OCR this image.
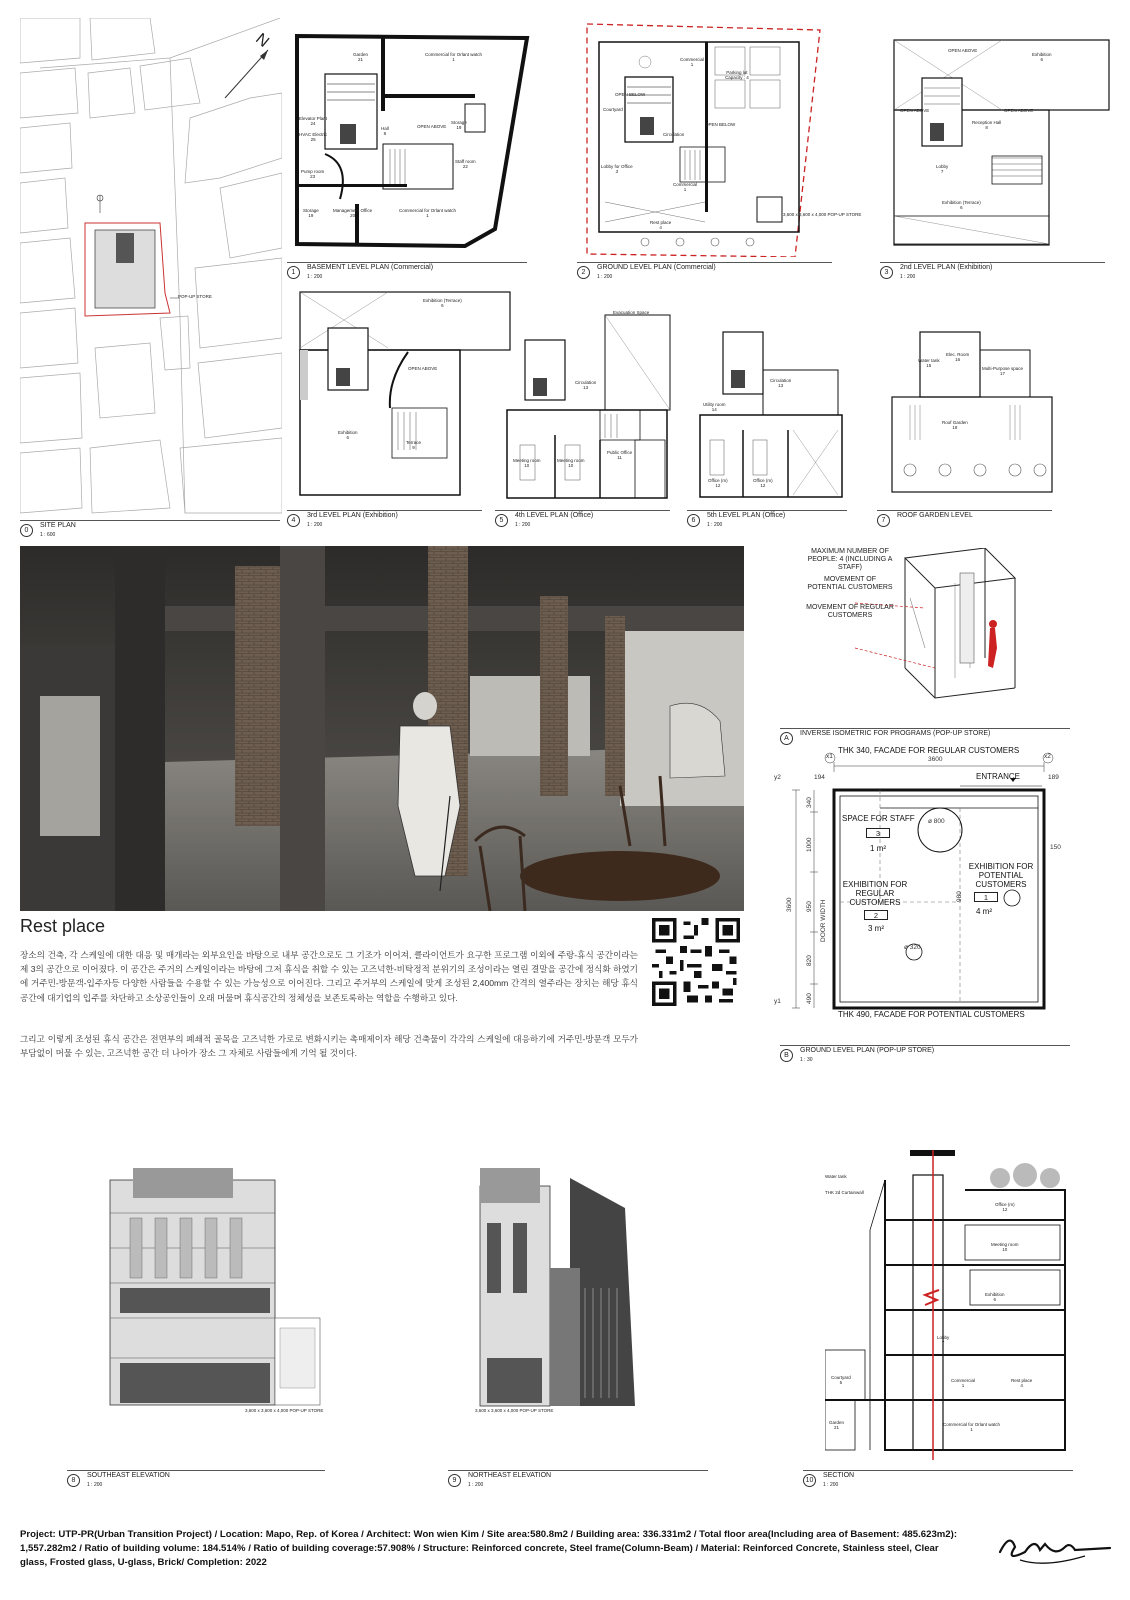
POP-UP STORE
N
0
SITE PLAN
1 : 600
Garden
21
Commercial for Orlant watch
1
Elevator Plant
24
HVAC Electric
25
Hall
8
OPEN ABOVE
Storage
19
Staff room
22
Pump room
23
Storage
19
Management Office
20
Commercial for Orlant watch
1
1
BASEMENT LEVEL PLAN (Commercial)
1 : 200
Commercial
1
Parking lot
Capacity : 4
Courtyard
OPEN BELOW
Circulation
OPEN BELOW
Lobby for Office
3
Commercial
1
Rest place
4
3,600 x 3,600 x 4,000 POP-UP STORE
2
GROUND LEVEL PLAN (Commercial)
1 : 200
OPEN ABOVE
Exhibition
6
OPEN ABOVE	OPEN ABOVE
Reception Hall
8
Lobby
7
Exhibition (Terrace)
6
3
2nd LEVEL PLAN (Exhibition)
1 : 200
Exhibition (Terrace)
6
OPEN ABOVE
Exhibition
6
Terrace
9
4
3rd LEVEL PLAN (Exhibition)
1 : 200
Evacuation Space
Circulation
13
Meeting room
10
Meeting room
10
Public Office
11
5
4th LEVEL PLAN (Office)
1 : 200
Circulation
13
Utility room
14
Office (m)
12
Office (m)
12
6
5th LEVEL PLAN (Office)
1 : 200
Water tank
15
Elec. Room
16
Multi-Purpose space
17
Roof Garden
18
7
ROOF GARDEN LEVEL
MAXIMUM NUMBER OF PEOPLE: 4 (INCLUDING A STAFF)
MOVEMENT OF POTENTIAL CUSTOMERS
MOVEMENT OF REGULAR CUSTOMERS
A
INVERSE ISOMETRIC FOR PROGRAMS (POP-UP STORE)
THK 340, FACADE FOR REGULAR CUSTOMERS
3600
194	189
ENTRANCE
x1	x2
y2
y1
3600
340
1000
950 DOOR WIDTH
820
490
980
150
SPACE FOR STAFF
3
1 m²
ø 800
EXHIBITION FOR REGULAR CUSTOMERS
2
3 m²
EXHIBITION FOR POTENTIAL CUSTOMERS
1
4 m²
ø 320
THK 490, FACADE FOR POTENTIAL CUSTOMERS
B
GROUND LEVEL PLAN (POP-UP STORE)
1 : 30
Rest place
장소의 건축, 각 스케일에 대한 대응 및 매개라는 외부요인을 바탕으로 내부 공간으로도 그 기조가 이어져, 클라이언트가 요구한 프로그램 이외에 주랑-휴식 공간이라는 제 3의 공간으로 이어졌다. 이 공간은 주거의 스케일이라는 바탕에 그저 휴식을 취할 수 있는 고즈넉한-비탁정적 분위기의 조성이라는 열린 결말을 공간에 정식화 하였기에 거주민-방문객-입주자등 다양한 사람들을 수용할 수 있는 가능성으로 이어진다. 그리고 주거부의 스케일에 맞게 조성된 2,400mm 간격의 열주라는 장치는 해당 휴식공간에 대기업의 입주를 차단하고 소상공인들이 오래 머물며 휴식공간의 정체성을 보존토록하는 역할을 수행하고 있다.
그리고 이렇게 조성된 휴식 공간은 전면부의 폐쇄적 골목을 고즈넉한 가로로 변화시키는 촉매제이자 해당 건축물이 각각의 스케일에 대응하기에 거주민-방문객 모두가 부담없이 머물 수 있는, 고즈넉한 공간 더 나아가 장소 그 자체로 사람들에게 기억 될 것이다.
3,600 x 3,600 x 4,000 POP-UP STORE
8
SOUTHEAST ELEVATION
1 : 200
3,600 x 3,600 x 4,000 POP-UP STORE
9
NORTHEAST ELEVATION
1 : 200
Water tank
THK 2d Curtainwall
Office (m)
12
Meeting room
10
Exhibition
6
Lobby
7
Courtyard
5	Commercial
1
Rest place
4
Garden
21
Commercial for Orlant watch
1
10
SECTION
1 : 200
Project: UTP-PR(Urban Transition Project) / Location: Mapo, Rep. of Korea / Architect: Won wien Kim / Site area:580.8m2 / Building area: 336.331m2 / Total floor area(Including area of Basement: 485.623m2): 1,557.282m2 / Ratio of building volume: 184.514% / Ratio of building coverage:57.908% / Structure: Reinforced concrete, Steel frame(Column-Beam) / Material: Reinforced Concrete, Stainless steel, Clear glass, Frosted glass, U-glass, Brick/ Completion: 2022
